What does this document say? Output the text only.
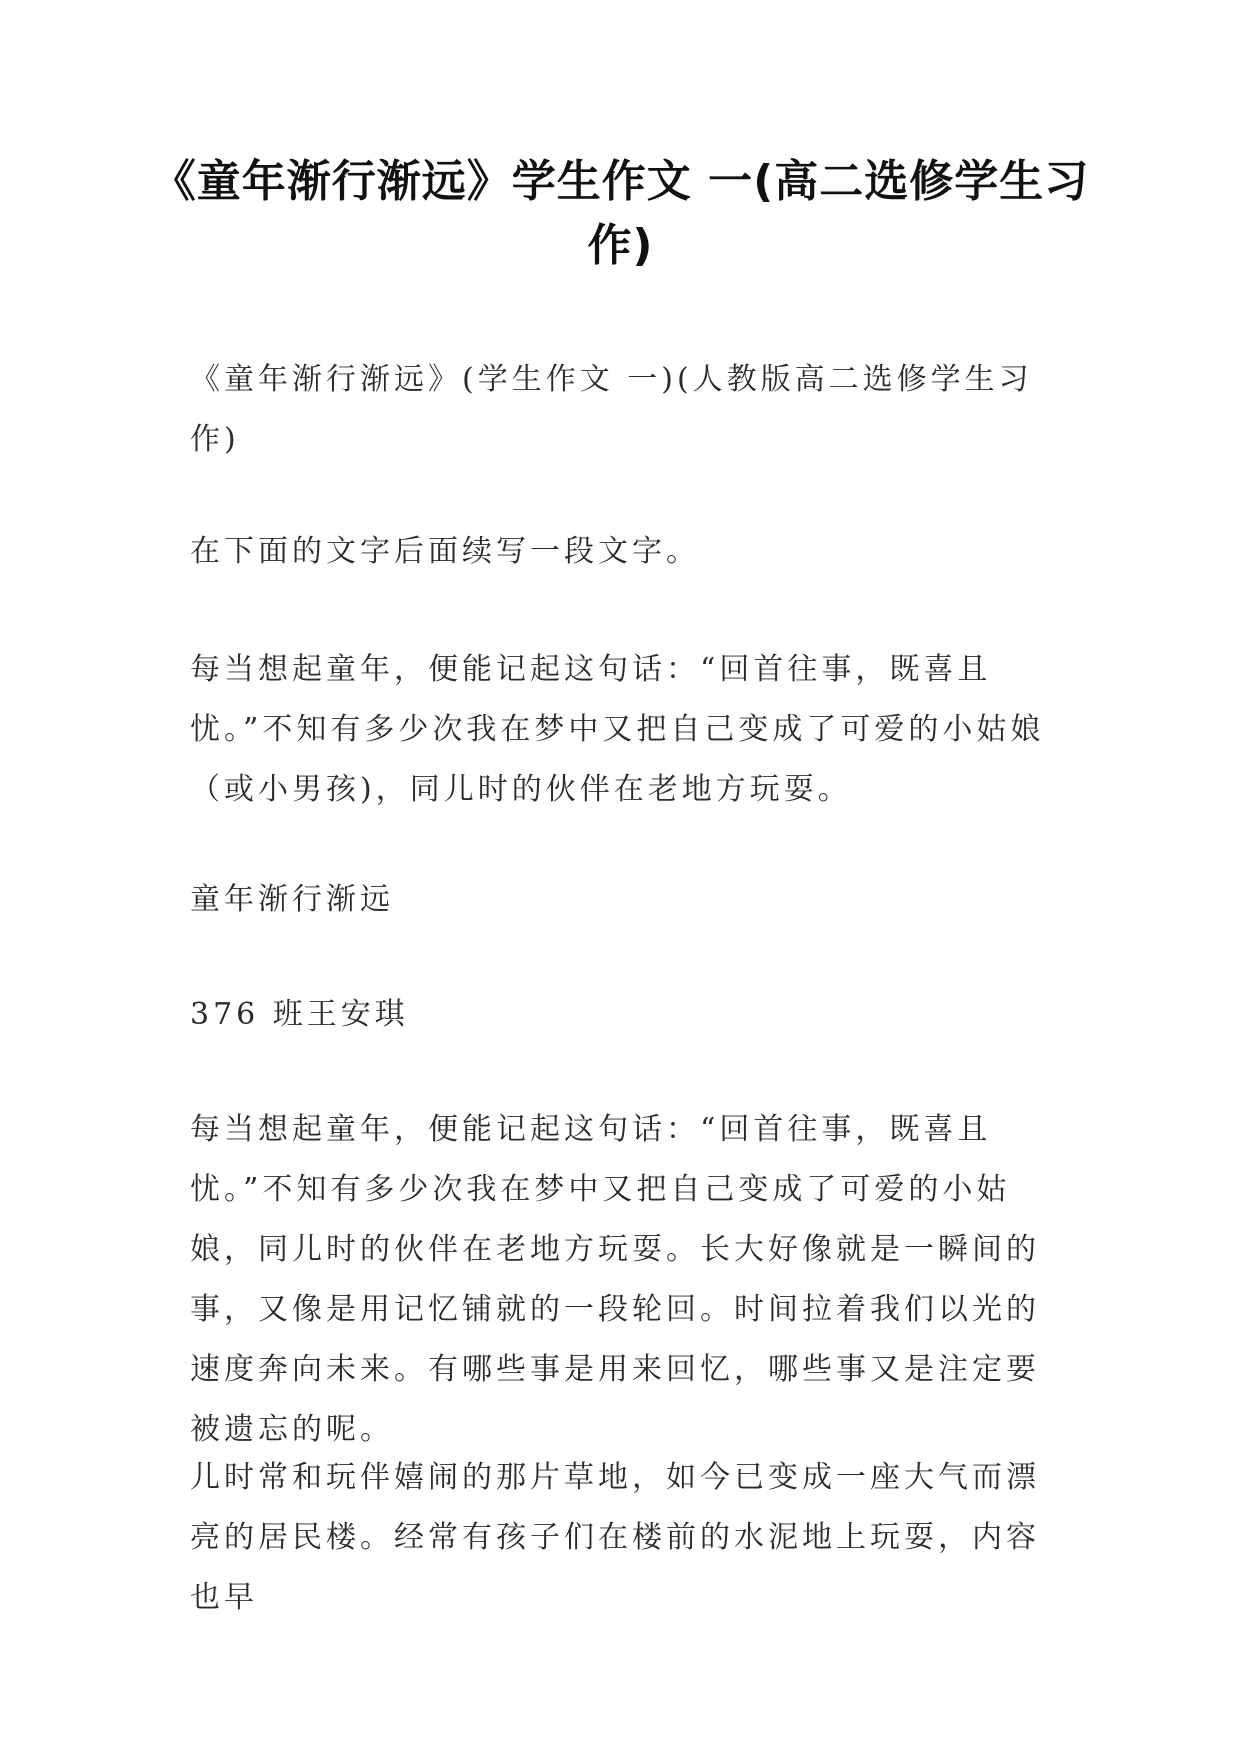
《童年渐行渐远》学生作文 一(高二选修学生习作)

《童年渐行渐远》(学生作文 一)(人教版高二选修学生习作)

在下面的文字后面续写一段文字。

每当想起童年，便能记起这句话：“回首往事，既喜且忧。”不知有多少次我在梦中又把自己变成了可爱的小姑娘（或小男孩)，同儿时的伙伴在老地方玩耍。

童年渐行渐远

376 班王安琪

每当想起童年，便能记起这句话：“回首往事，既喜且忧。”不知有多少次我在梦中又把自己变成了可爱的小姑娘，同儿时的伙伴在老地方玩耍。长大好像就是一瞬间的事，又像是用记忆铺就的一段轮回。时间拉着我们以光的速度奔向未来。有哪些事是用来回忆，哪些事又是注定要被遗忘的呢。

儿时常和玩伴嬉闹的那片草地，如今已变成一座大气而漂亮的居民楼。经常有孩子们在楼前的水泥地上玩耍，内容也早
